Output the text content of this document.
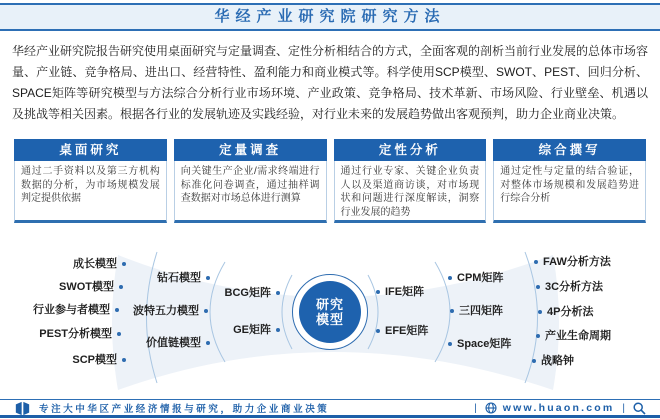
华经产业研究院研究方法

华经产业研究院报告研究使用桌面研究与定量调查、定性分析相结合的方式，全面客观的剖析当前行业发展的总体市场容量、产业链、竞争格局、进出口、经营特性、盈利能力和商业模式等。科学使用SCP模型、SWOT、PEST、回归分析、SPACE矩阵等研究模型与方法综合分析行业市场环境、产业政策、竞争格局、技术革新、市场风险、行业壁垒、机遇以及挑战等相关因素。根据各行业的发展轨迹及实践经验，对行业未来的发展趋势做出客观预判，助力企业商业决策。

桌面研究
通过二手资料以及第三方机构数据的分析，为市场规模发展判定提供依据
定量调查
向关键生产企业/需求终端进行标准化问卷调查，通过抽样调查数据对市场总体进行测算
定性分析
通过行业专家、关键企业负责人以及渠道商访谈，对市场现状和问题进行深度解读，洞察行业发展的趋势
综合撰写
通过定性与定量的结合验证，对整体市场规模和发展趋势进行综合分析
研究
模型
成长模型
SWOT模型
行业参与者模型
PEST分析模型
SCP模型
钻石模型
波特五力模型
价值链模型
BCG矩阵
GE矩阵
IFE矩阵
EFE矩阵
CPM矩阵
三四矩阵
Space矩阵
FAW分析方法
3C分析方法
4P分析法
产业生命周期
战略钟
专注大中华区产业经济情报与研究，助力企业商业决策	| www.huaon.com |
